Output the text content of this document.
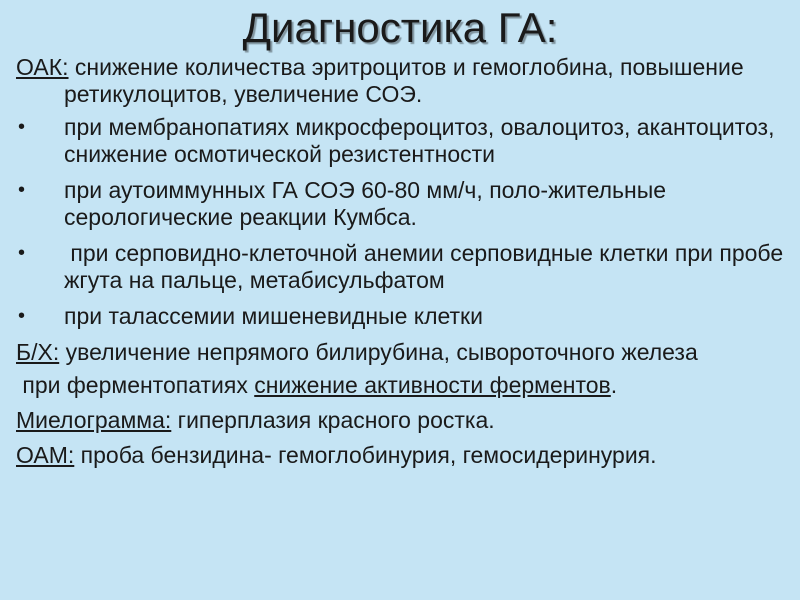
Диагностика ГА:
ОАК: снижение количества эритроцитов и гемоглобина, повышение ретикулоцитов, увеличение СОЭ.
• при мембранопатиях микросфероцитоз, овалоцитоз, акантоцитоз, снижение осмотической резистентности
• при аутоиммунных ГА СОЭ 60-80 мм/ч, поло-жительные серологические реакции Кумбса.
• при серповидно-клеточной анемии серповидные клетки при пробе жгута на пальце, метабисульфатом
• при талассемии мишеневидные клетки
Б/Х: увеличение непрямого билирубина, сывороточного железа
при ферментопатиях снижение активности ферментов.
Миелограмма: гиперплазия красного ростка.
ОАМ: проба бензидина- гемоглобинурия, гемосидеринурия.
